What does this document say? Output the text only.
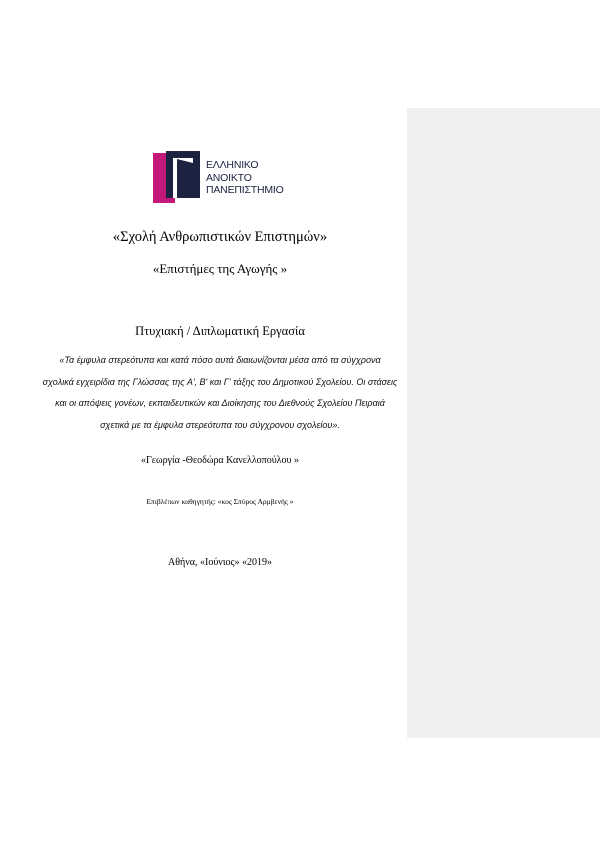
ΕΛΛΗΝΙΚΟ
ΑΝΟΙΚΤΟ
ΠΑΝΕΠΙΣΤΗΜΙΟ
«Σχολή Ανθρωπιστικών Επιστημών»
«Επιστήμες της Αγωγής »
Πτυχιακή / Διπλωματική Εργασία
«Τα έμφυλα στερεότυπα και κατά πόσο αυτά διαιωνίζονται μέσα από τα σύγχρονα
σχολικά εγχειρίδια της Γλώσσας της Α', Β' και Γ' τάξης του Δημοτικού Σχολείου. Οι στάσεις
και οι απόψεις γονέων, εκπαιδευτικών και Διοίκησης του Διεθνούς Σχολείου Πειραιά
σχετικά με τα έμφυλα στερεότυπα του σύγχρονου σχολείου».
«Γεωργία -Θεοδώρα Κανελλοπούλου »
Επιβλέπων καθηγητής: «κος Σπύρος Αρμβενής »
Αθήνα, «Ιούνιος» «2019»
